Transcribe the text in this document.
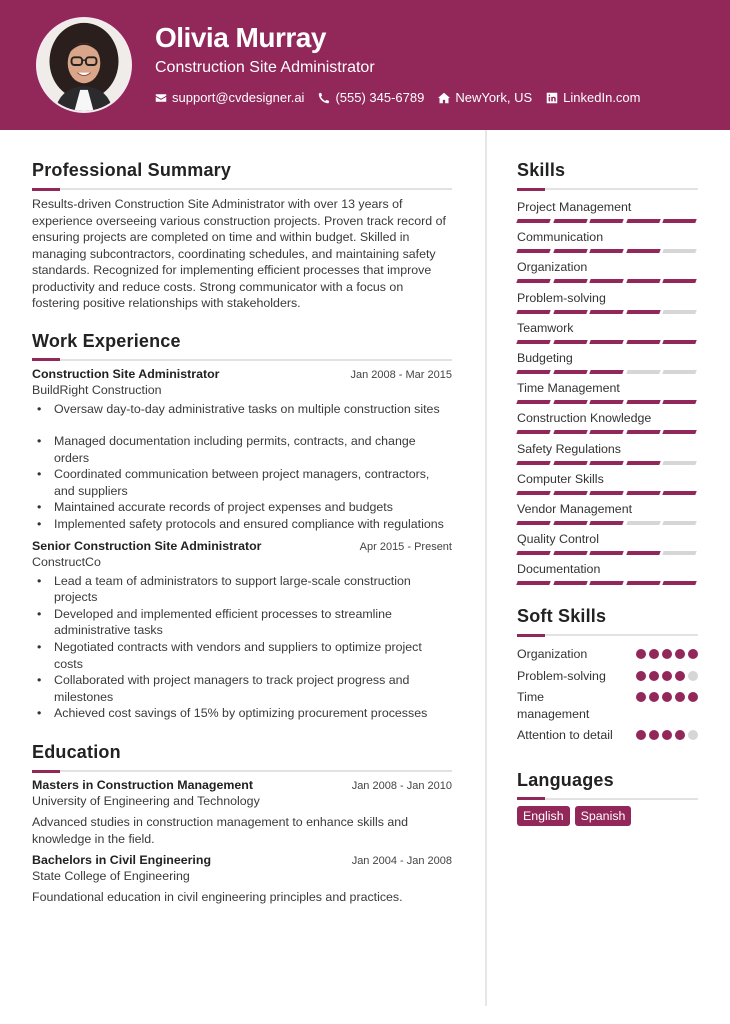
Olivia Murray
Construction Site Administrator
support@cvdesigner.ai (555) 345-6789 NewYork, US LinkedIn.com
Professional Summary

Results-driven Construction Site Administrator with over 13 years of experience overseeing various construction projects. Proven track record of ensuring projects are completed on time and within budget. Skilled in managing subcontractors, coordinating schedules, and maintaining safety standards. Recognized for implementing efficient processes that improve productivity and reduce costs. Strong communicator with a focus on fostering positive relationships with stakeholders.

Work Experience
Construction Site Administrator	Jan 2008 - Mar 2015
BuildRight Construction
• Oversaw day-to-day administrative tasks on multiple construction sites
• Managed documentation including permits, contracts, and change orders
• Coordinated communication between project managers, contractors, and suppliers
• Maintained accurate records of project expenses and budgets
• Implemented safety protocols and ensured compliance with regulations
Senior Construction Site Administrator	Apr 2015 - Present
ConstructCo
• Lead a team of administrators to support large-scale construction projects
• Developed and implemented efficient processes to streamline administrative tasks
• Negotiated contracts with vendors and suppliers to optimize project costs
• Collaborated with project managers to track project progress and milestones
• Achieved cost savings of 15% by optimizing procurement processes
Education
Masters in Construction Management	Jan 2008 - Jan 2010
University of Engineering and Technology

Advanced studies in construction management to enhance skills and knowledge in the field.

Bachelors in Civil Engineering	Jan 2004 - Jan 2008
State College of Engineering

Foundational education in civil engineering principles and practices.

Skills
Project Management
Communication
Organization
Problem-solving
Teamwork
Budgeting
Time Management
Construction Knowledge
Safety Regulations
Computer Skills
Vendor Management
Quality Control
Documentation
Soft Skills
Organization
Problem-solving
Time management
Attention to detail
Languages
English	Spanish
